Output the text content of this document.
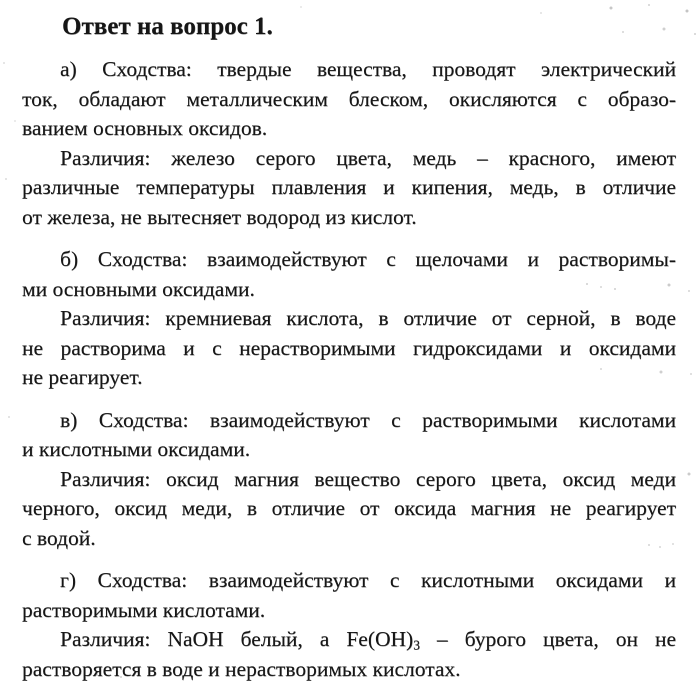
Ответ на вопрос 1.
а) Сходства: твердые вещества, проводят электрический
ток, обладают металлическим блеском, окисляются с образо-
ванием основных оксидов.
Различия: железо серого цвета, медь – красного, имеют
различные температуры плавления и кипения, медь, в отличие
от железа, не вытесняет водород из кислот.
б) Сходства: взаимодействуют с щелочами и растворимы-
ми основными оксидами.
Различия: кремниевая кислота, в отличие от серной, в воде
не растворима и с нерастворимыми гидроксидами и оксидами
не реагирует.
в) Сходства: взаимодействуют с растворимыми кислотами
и кислотными оксидами.
Различия: оксид магния вещество серого цвета, оксид меди
черного, оксид меди, в отличие от оксида магния не реагирует
с водой.
г) Сходства: взаимодействуют с кислотными оксидами и
растворимыми кислотами.
Различия: NaOH белый, а $Fe(OH)_3$ – бурого цвета, он не
растворяется в воде и нерастворимых кислотах.
